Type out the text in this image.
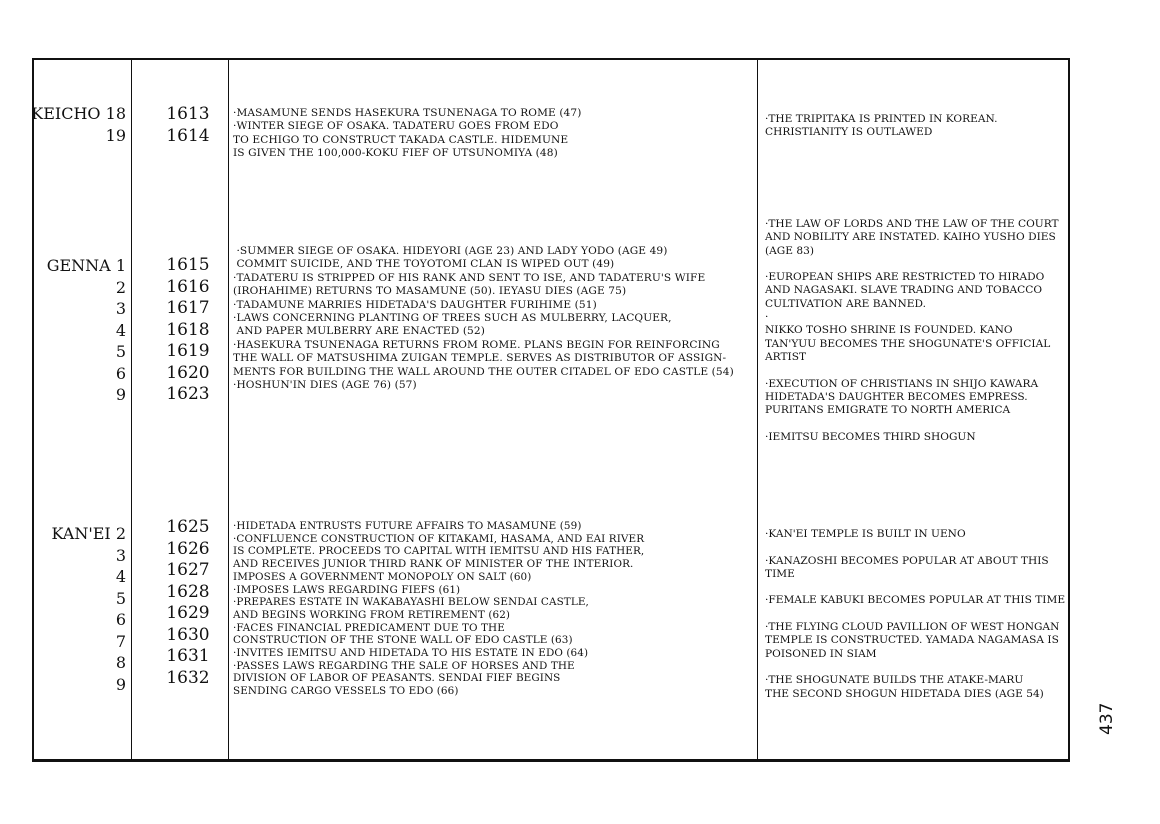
KEICHO 18
19
1613
1614
·MASAMUNE SENDS HASEKURA TSUNENAGA TO ROME (47)
·WINTER SIEGE OF OSAKA. TADATERU GOES FROM EDO
TO ECHIGO TO CONSTRUCT TAKADA CASTLE. HIDEMUNE
IS GIVEN THE 100,000-KOKU FIEF OF UTSUNOMIYA (48)

·THE TRIPITAKA IS PRINTED IN KOREAN.
CHRISTIANITY IS OUTLAWED

GENNA 1
2
3
4
5
6
9
1615
1616
1617
1618
1619
1620
1623
·SUMMER SIEGE OF OSAKA. HIDEYORI (AGE 23) AND LADY YODO (AGE 49)
COMMIT SUICIDE, AND THE TOYOTOMI CLAN IS WIPED OUT (49)
·TADATERU IS STRIPPED OF HIS RANK AND SENT TO ISE, AND TADATERU'S WIFE
(IROHAHIME) RETURNS TO MASAMUNE (50). IEYASU DIES (AGE 75)
·TADAMUNE MARRIES HIDETADA'S DAUGHTER FURIHIME (51)
·LAWS CONCERNING PLANTING OF TREES SUCH AS MULBERRY, LACQUER,
AND PAPER MULBERRY ARE ENACTED (52)
·HASEKURA TSUNENAGA RETURNS FROM ROME. PLANS BEGIN FOR REINFORCING
THE WALL OF MATSUSHIMA ZUIGAN TEMPLE. SERVES AS DISTRIBUTOR OF ASSIGN-
MENTS FOR BUILDING THE WALL AROUND THE OUTER CITADEL OF EDO CASTLE (54)
·HOSHUN'IN DIES (AGE 76) (57)

·THE LAW OF LORDS AND THE LAW OF THE COURT
AND NOBILITY ARE INSTATED. KAIHO YUSHO DIES
(AGE 83)

·EUROPEAN SHIPS ARE RESTRICTED TO HIRADO
AND NAGASAKI. SLAVE TRADING AND TOBACCO
CULTIVATION ARE BANNED.
·
NIKKO TOSHO SHRINE IS FOUNDED. KANO
TAN'YUU BECOMES THE SHOGUNATE'S OFFICIAL
ARTIST

·EXECUTION OF CHRISTIANS IN SHIJO KAWARA
HIDETADA'S DAUGHTER BECOMES EMPRESS.
PURITANS EMIGRATE TO NORTH AMERICA

·IEMITSU BECOMES THIRD SHOGUN

KAN'EI 2
3
4
5
6
7
8
9
1625
1626
1627
1628
1629
1630
1631
1632
·HIDETADA ENTRUSTS FUTURE AFFAIRS TO MASAMUNE (59)
·CONFLUENCE CONSTRUCTION OF KITAKAMI, HASAMA, AND EAI RIVER
IS COMPLETE. PROCEEDS TO CAPITAL WITH IEMITSU AND HIS FATHER,
AND RECEIVES JUNIOR THIRD RANK OF MINISTER OF THE INTERIOR.
IMPOSES A GOVERNMENT MONOPOLY ON SALT (60)
·IMPOSES LAWS REGARDING FIEFS (61)
·PREPARES ESTATE IN WAKABAYASHI BELOW SENDAI CASTLE,
AND BEGINS WORKING FROM RETIREMENT (62)
·FACES FINANCIAL PREDICAMENT DUE TO THE
CONSTRUCTION OF THE STONE WALL OF EDO CASTLE (63)
·INVITES IEMITSU AND HIDETADA TO HIS ESTATE IN EDO (64)
·PASSES LAWS REGARDING THE SALE OF HORSES AND THE
DIVISION OF LABOR OF PEASANTS. SENDAI FIEF BEGINS
SENDING CARGO VESSELS TO EDO (66)

·KAN'EI TEMPLE IS BUILT IN UENO

·KANAZOSHI BECOMES POPULAR AT ABOUT THIS
TIME

·FEMALE KABUKI BECOMES POPULAR AT THIS TIME

·THE FLYING CLOUD PAVILLION OF WEST HONGAN
TEMPLE IS CONSTRUCTED. YAMADA NAGAMASA IS
POISONED IN SIAM

·THE SHOGUNATE BUILDS THE ATAKE-MARU
THE SECOND SHOGUN HIDETADA DIES (AGE 54)

437
